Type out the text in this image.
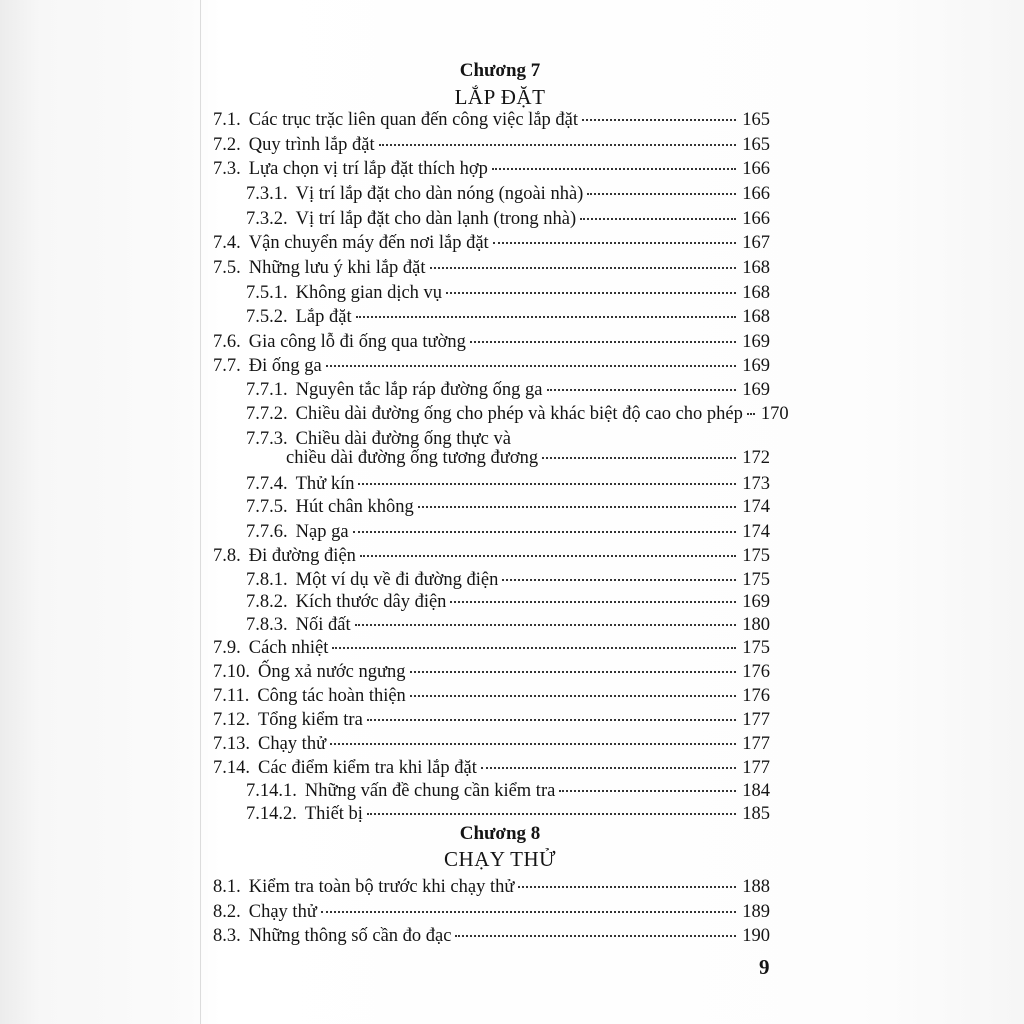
Chương 7
LẮP ĐẶT
7.1. Các trục trặc liên quan đến công việc lắp đặt	165
7.2. Quy trình lắp đặt	165
7.3. Lựa chọn vị trí lắp đặt thích hợp	166
7.3.1. Vị trí lắp đặt cho dàn nóng (ngoài nhà)	166
7.3.2. Vị trí lắp đặt cho dàn lạnh (trong nhà)	166
7.4. Vận chuyển máy đến nơi lắp đặt	167
7.5. Những lưu ý khi lắp đặt	168
7.5.1. Không gian dịch vụ	168
7.5.2. Lắp đặt	168
7.6. Gia công lỗ đi ống qua tường	169
7.7. Đi ống ga	169
7.7.1. Nguyên tắc lắp ráp đường ống ga	169
7.7.2. Chiều dài đường ống cho phép và khác biệt độ cao cho phép 170
7.7.3. Chiều dài đường ống thực và
chiều dài đường ống tương đương	172
7.7.4. Thử kín	173
7.7.5. Hút chân không	174
7.7.6. Nạp ga	174
7.8. Đi đường điện	175
7.8.1. Một ví dụ về đi đường điện	175
7.8.2. Kích thước dây điện	169
7.8.3. Nối đất	180
7.9. Cách nhiệt	175
7.10. Ống xả nước ngưng	176
7.11. Công tác hoàn thiện	176
7.12. Tổng kiểm tra	177
7.13. Chạy thử	177
7.14. Các điểm kiểm tra khi lắp đặt	177
7.14.1. Những vấn đề chung cần kiểm tra	184
7.14.2. Thiết bị	185
Chương 8
CHẠY THỬ
8.1. Kiểm tra toàn bộ trước khi chạy thử	188
8.2. Chạy thử	189
8.3. Những thông số cần đo đạc	190
9
